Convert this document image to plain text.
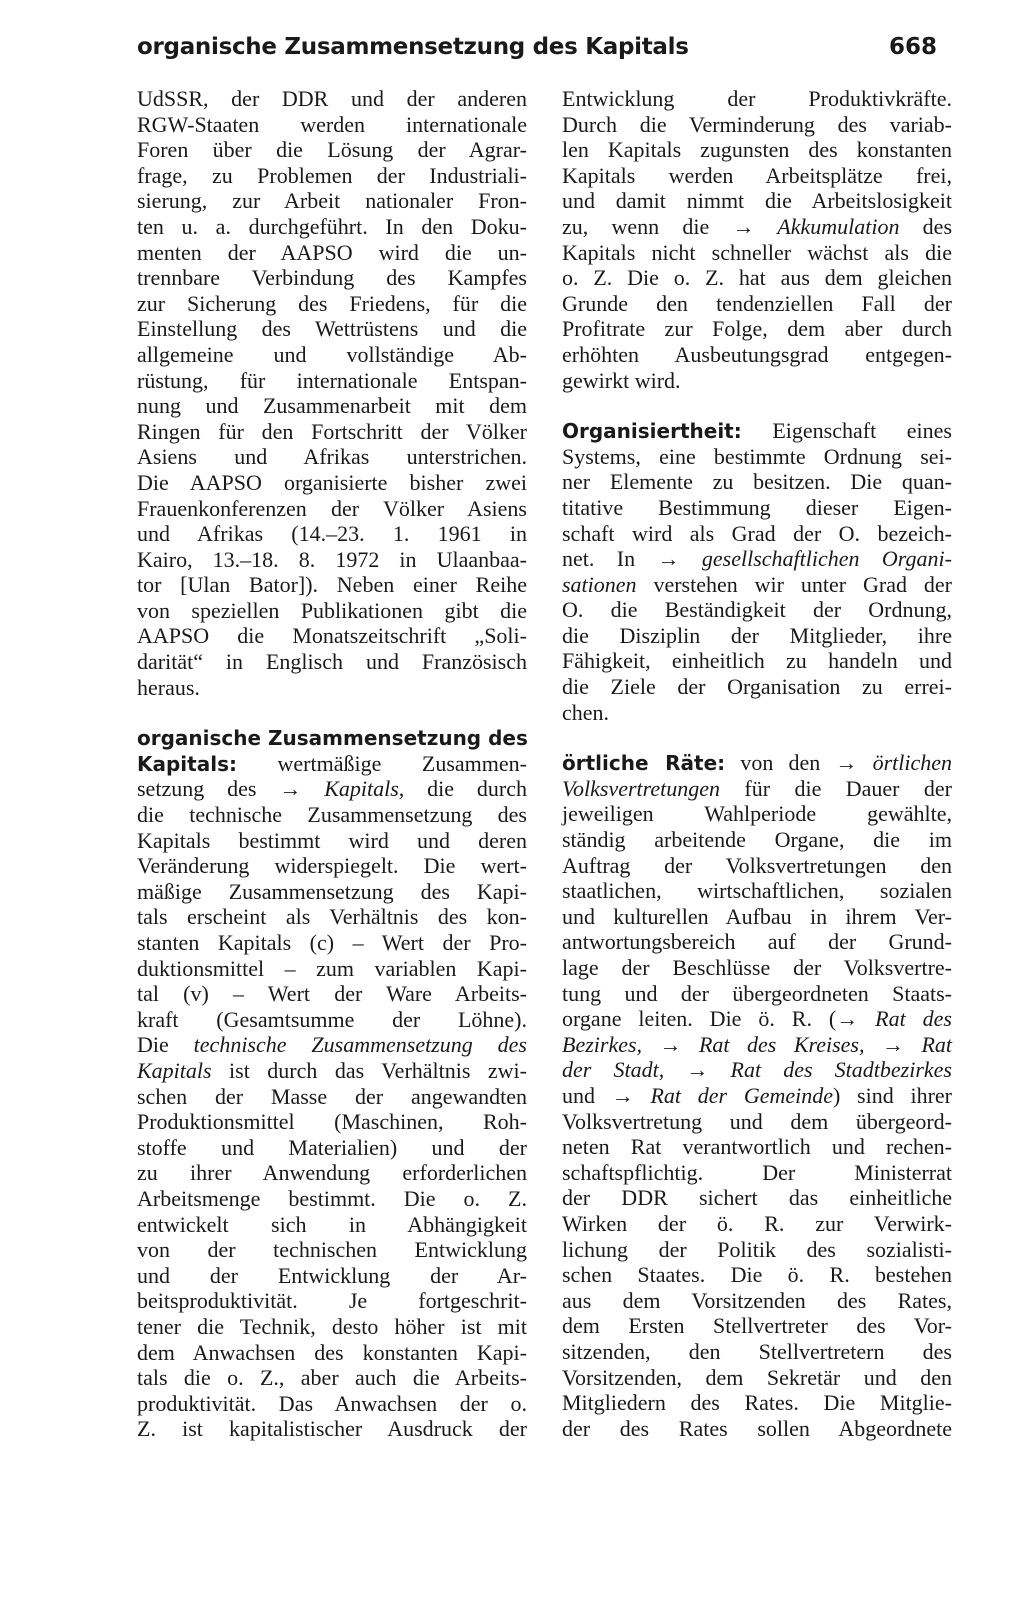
organische Zusammensetzung des Kapitals	668
UdSSR, der DDR und der anderen
RGW-Staaten werden internationale
Foren über die Lösung der Agrar-
frage, zu Problemen der Industriali-
sierung, zur Arbeit nationaler Fron-
ten u. a. durchgeführt. In den Doku-
menten der AAPSO wird die un-
trennbare Verbindung des Kampfes
zur Sicherung des Friedens, für die
Einstellung des Wettrüstens und die
allgemeine und vollständige Ab-
rüstung, für internationale Entspan-
nung und Zusammenarbeit mit dem
Ringen für den Fortschritt der Völker
Asiens und Afrikas unterstrichen.
Die AAPSO organisierte bisher zwei
Frauenkonferenzen der Völker Asiens
und Afrikas (14.–23. 1. 1961 in
Kairo, 13.–18. 8. 1972 in Ulaanbaa-
tor [Ulan Bator]). Neben einer Reihe
von speziellen Publikationen gibt die
AAPSO die Monatszeitschrift „Soli-
darität“ in Englisch und Französisch
heraus.
organische Zusammensetzung des
Kapitals: wertmäßige Zusammen-
setzung des → Kapitals, die durch
die technische Zusammensetzung des
Kapitals bestimmt wird und deren
Veränderung widerspiegelt. Die wert-
mäßige Zusammensetzung des Kapi-
tals erscheint als Verhältnis des kon-
stanten Kapitals (c) – Wert der Pro-
duktionsmittel – zum variablen Kapi-
tal (v) – Wert der Ware Arbeits-
kraft (Gesamtsumme der Löhne).
Die technische Zusammensetzung des
Kapitals ist durch das Verhältnis zwi-
schen der Masse der angewandten
Produktionsmittel (Maschinen, Roh-
stoffe und Materialien) und der
zu ihrer Anwendung erforderlichen
Arbeitsmenge bestimmt. Die o. Z.
entwickelt sich in Abhängigkeit
von der technischen Entwicklung
und der Entwicklung der Ar-
beitsproduktivität. Je fortgeschrit-
tener die Technik, desto höher ist mit
dem Anwachsen des konstanten Kapi-
tals die o. Z., aber auch die Arbeits-
produktivität. Das Anwachsen der o.
Z. ist kapitalistischer Ausdruck der
Entwicklung der Produktivkräfte.
Durch die Verminderung des variab-
len Kapitals zugunsten des konstanten
Kapitals werden Arbeitsplätze frei,
und damit nimmt die Arbeitslosigkeit
zu, wenn die → Akkumulation des
Kapitals nicht schneller wächst als die
o. Z. Die o. Z. hat aus dem gleichen
Grunde den tendenziellen Fall der
Profitrate zur Folge, dem aber durch
erhöhten Ausbeutungsgrad entgegen-
gewirkt wird.
Organisiertheit: Eigenschaft eines
Systems, eine bestimmte Ordnung sei-
ner Elemente zu besitzen. Die quan-
titative Bestimmung dieser Eigen-
schaft wird als Grad der O. bezeich-
net. In → gesellschaftlichen Organi-
sationen verstehen wir unter Grad der
O. die Beständigkeit der Ordnung,
die Disziplin der Mitglieder, ihre
Fähigkeit, einheitlich zu handeln und
die Ziele der Organisation zu errei-
chen.
örtliche Räte: von den → örtlichen
Volksvertretungen für die Dauer der
jeweiligen Wahlperiode gewählte,
ständig arbeitende Organe, die im
Auftrag der Volksvertretungen den
staatlichen, wirtschaftlichen, sozialen
und kulturellen Aufbau in ihrem Ver-
antwortungsbereich auf der Grund-
lage der Beschlüsse der Volksvertre-
tung und der übergeordneten Staats-
organe leiten. Die ö. R. (→ Rat des
Bezirkes, → Rat des Kreises, → Rat
der Stadt, → Rat des Stadtbezirkes
und → Rat der Gemeinde) sind ihrer
Volksvertretung und dem übergeord-
neten Rat verantwortlich und rechen-
schaftspflichtig. Der Ministerrat
der DDR sichert das einheitliche
Wirken der ö. R. zur Verwirk-
lichung der Politik des sozialisti-
schen Staates. Die ö. R. bestehen
aus dem Vorsitzenden des Rates,
dem Ersten Stellvertreter des Vor-
sitzenden, den Stellvertretern des
Vorsitzenden, dem Sekretär und den
Mitgliedern des Rates. Die Mitglie-
der des Rates sollen Abgeordnete
